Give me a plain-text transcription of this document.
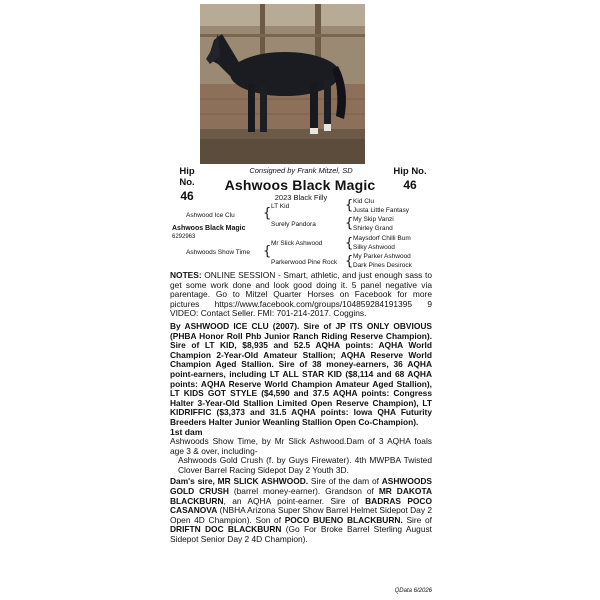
Consigned by Frank Mitzel, SD
Hip No.
46
Hip No.
46
Ashwoos Black Magic
2023 Black Filly
Ashwood Ice Clu
Ashwoos Black Magic
6292963
Ashwoods Show Time
{
{
LT Kid
Surely Pandora
Mr Slick Ashwood
Parkerwood Pine Rock
{
{
{
{
Kid Clu
Justa Little Fantasy
My Skip Vanzi
Shirley Grand
Maysdorf Chilli Bum
Silky Ashwood
My Parker Ashwood
Dark Pines Desirock

NOTES: ONLINE SESSION - Smart, athletic, and just enough sass to get some work done and look good doing it. 5 panel negative via parentage. Go to Mitzel Quarter Horses on Facebook for more pictures https://www.facebook.com/groups/104859284191395 9 VIDEO: Contact Seller. FMI: 701-214-2017. Coggins.

By ASHWOOD ICE CLU (2007). Sire of JP ITS ONLY OBVIOUS (PHBA Honor Roll Phb Junior Ranch Riding Reserve Champion). Sire of LT KID, $8,935 and 52.5 AQHA points: AQHA World Champion 2-Year-Old Amateur Stallion; AQHA Reserve World Champion Aged Stallion. Sire of 38 money-earners, 36 AQHA point-earners, including LT ALL STAR KID ($8,114 and 68 AQHA points: AQHA Reserve World Champion Amateur Aged Stallion), LT KIDS GOT STYLE ($4,590 and 37.5 AQHA points: Congress Halter 3-Year-Old Stallion Limited Open Reserve Champion), LT KIDRIFFIC ($3,373 and 31.5 AQHA points: Iowa QHA Futurity Breeders Halter Junior Weanling Stallion Open Co-Champion).

1st dam

Ashwoods Show Time, by Mr Slick Ashwood.Dam of 3 AQHA foals age 3 & over, including-

Ashwoods Gold Crush (f. by Guys Firewater). 4th MWPBA Twisted Clover Barrel Racing Sidepot Day 2 Youth 3D.

Dam's sire, MR SLICK ASHWOOD. Sire of the dam of ASHWOODS GOLD CRUSH (barrel money-earner). Grandson of MR DAKOTA BLACKBURN, an AQHA point-earner. Sire of BADRAS POCO CASANOVA (NBHA Arizona Super Show Barrel Helmet Sidepot Day 2 Open 4D Champion). Son of POCO BUENO BLACKBURN. Sire of DRIFTN DOC BLACKBURN (Go For Broke Barrel Sterling August Sidepot Senior Day 2 4D Champion).

QData 6/2026
